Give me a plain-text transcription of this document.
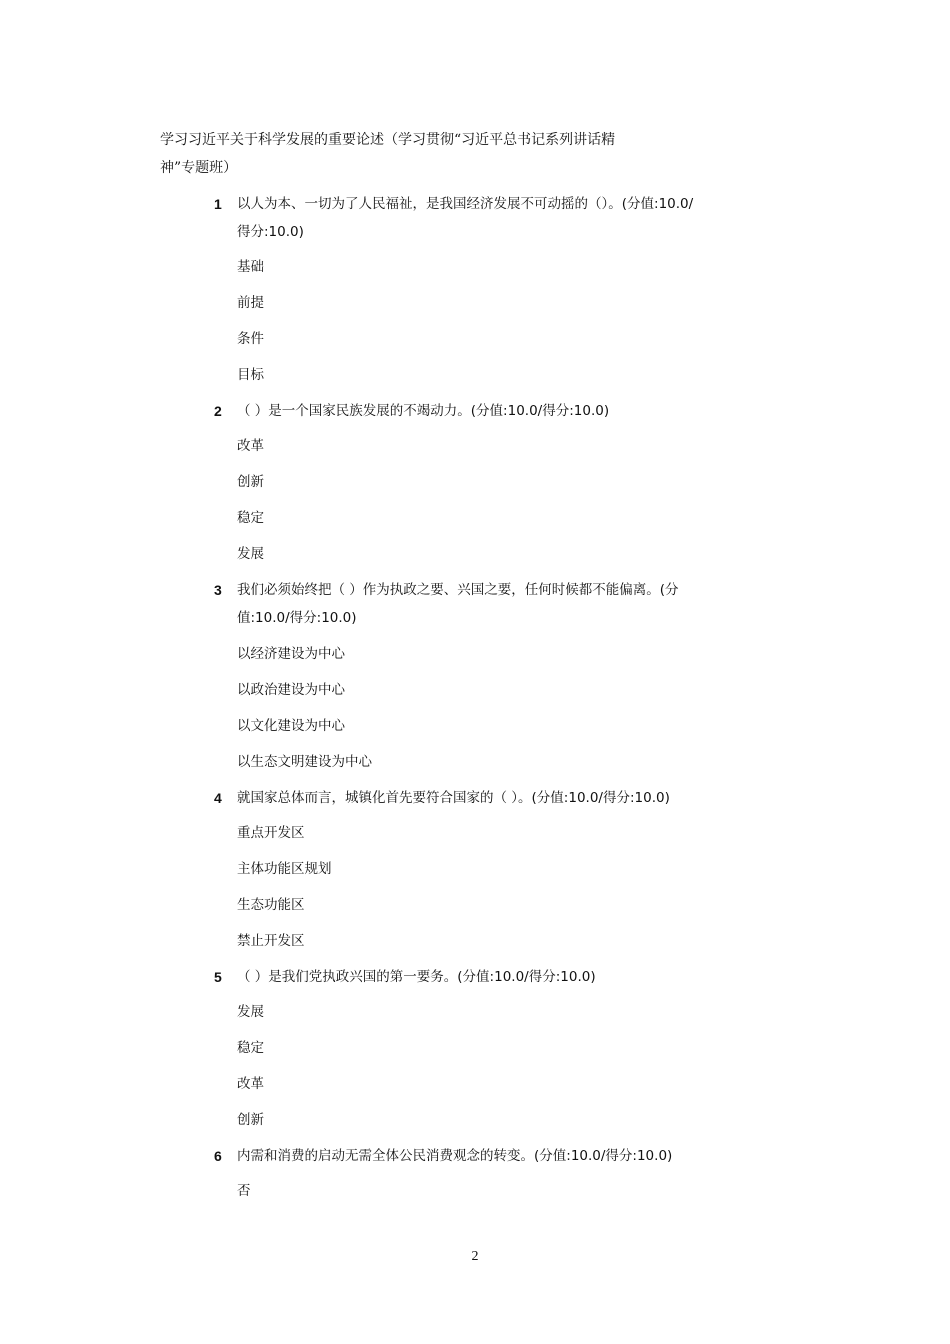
学习习近平关于科学发展的重要论述（学习贯彻“习近平总书记系列讲话精
神”专题班）
1	以人为本、一切为了人民福祉，是我国经济发展不可动摇的（）。(分值:10.0/
得分:10.0)
基础
前提
条件
目标
2	（ ）是一个国家民族发展的不竭动力。(分值:10.0/得分:10.0)
改革
创新
稳定
发展
3	我们必须始终把（ ）作为执政之要、兴国之要，任何时候都不能偏离。(分
值:10.0/得分:10.0)
以经济建设为中心
以政治建设为中心
以文化建设为中心
以生态文明建设为中心
4	就国家总体而言，城镇化首先要符合国家的（ ）。(分值:10.0/得分:10.0)
重点开发区
主体功能区规划
生态功能区
禁止开发区
5	（ ）是我们党执政兴国的第一要务。(分值:10.0/得分:10.0)
发展
稳定
改革
创新
6	内需和消费的启动无需全体公民消费观念的转变。(分值:10.0/得分:10.0)
否
2
